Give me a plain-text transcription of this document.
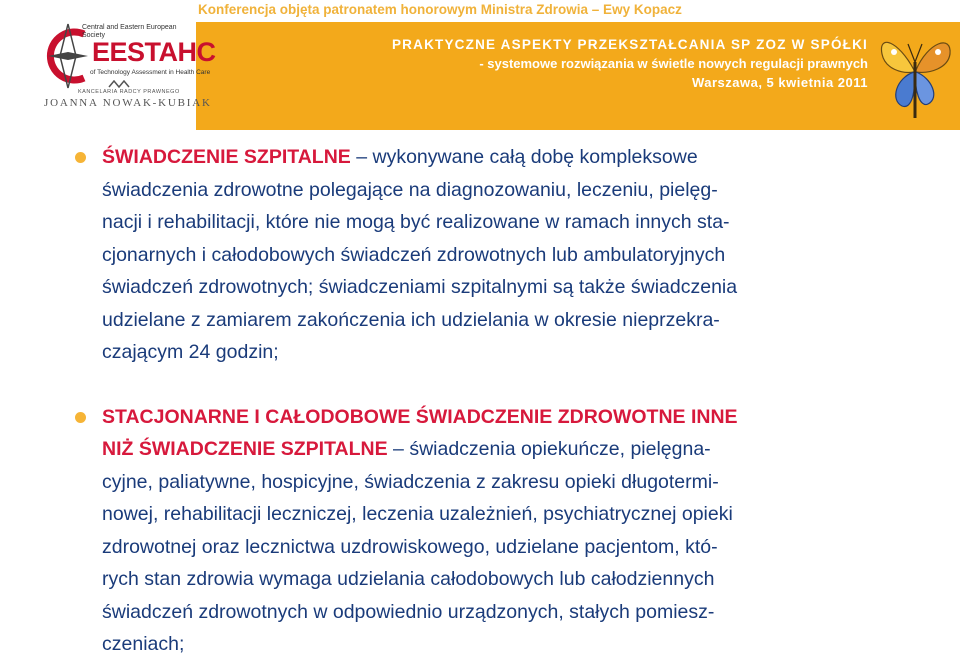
Konferencja objęta patronatem honorowym Ministra Zdrowia – Ewy Kopacz
Central and Eastern European Society
EESTAHC
of Technology Assessment in Health Care
KANCELARIA RADCY PRAWNEGO
JOANNA NOWAK-KUBIAK
PRAKTYCZNE ASPEKTY PRZEKSZTAŁCANIA SP ZOZ W SPÓŁKI
- systemowe rozwiązania w świetle nowych regulacji prawnych
Warszawa, 5 kwietnia 2011
ŚWIADCZENIE SZPITALNE – wykonywane całą dobę kompleksowe
świadczenia zdrowotne polegające na diagnozowaniu, leczeniu, pielęg-
nacji i rehabilitacji, które nie mogą być realizowane w ramach innych sta-
cjonarnych i całodobowych świadczeń zdrowotnych lub ambulatoryjnych
świadczeń zdrowotnych; świadczeniami szpitalnymi są także świadczenia
udzielane z zamiarem zakończenia ich udzielania w okresie nieprzekra-
czającym 24 godzin;
STACJONARNE I CAŁODOBOWE ŚWIADCZENIE ZDROWOTNE INNE
NIŻ ŚWIADCZENIE SZPITALNE – świadczenia opiekuńcze, pielęgna-
cyjne, paliatywne, hospicyjne, świadczenia z zakresu opieki długotermi-
nowej, rehabilitacji leczniczej, leczenia uzależnień, psychiatrycznej opieki
zdrowotnej oraz lecznictwa uzdrowiskowego, udzielane pacjentom, któ-
rych stan zdrowia wymaga udzielania całodobowych lub całodziennych
świadczeń zdrowotnych w odpowiednio urządzonych, stałych pomiesz-
czeniach;
